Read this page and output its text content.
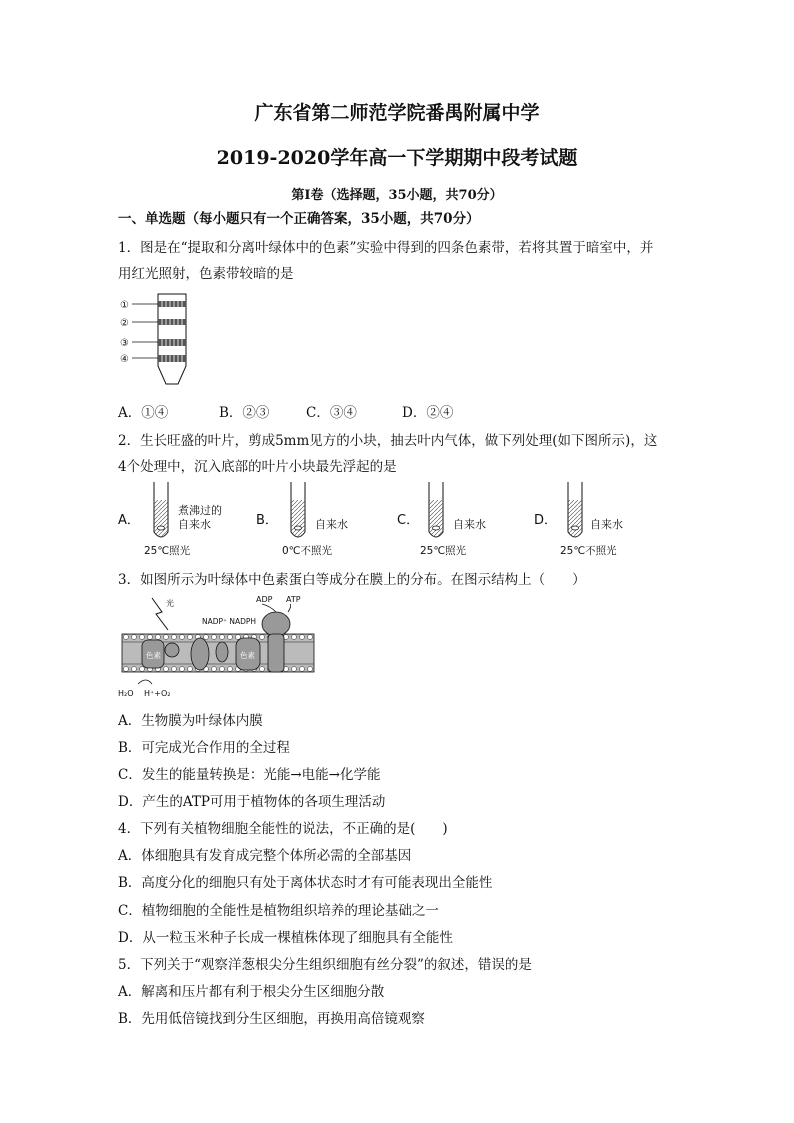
广东省第二师范学院番禺附属中学
2019-2020学年高一下学期期中段考试题
第I卷（选择题，35小题，共70分）
一、单选题（每小题只有一个正确答案，35小题，共70分）
1．图是在“提取和分离叶绿体中的色素”实验中得到的四条色素带，若将其置于暗室中，并
用红光照射，色素带较暗的是
①
②
③
④
A．①④	B．②③	C．③④	D．②④
2．生长旺盛的叶片，剪成5mm见方的小块，抽去叶内气体，做下列处理(如下图所示)，这
4个处理中，沉入底部的叶片小块最先浮起的是
A．
煮沸过的
自来水
25℃照光
B．	自来水
0℃不照光
C．	自来水
25℃照光
D．	自来水
25℃不照光
3．如图所示为叶绿体中色素蛋白等成分在膜上的分布。在图示结构上（　　）
光	ADP ATP
NADP⁺ NADPH
H₂O H⁺+O₂
色素	色素
A．生物膜为叶绿体内膜
B．可完成光合作用的全过程
C．发生的能量转换是：光能→电能→化学能
D．产生的ATP可用于植物体的各项生理活动
4．下列有关植物细胞全能性的说法，不正确的是(　　)
A．体细胞具有发育成完整个体所必需的全部基因
B．高度分化的细胞只有处于离体状态时才有可能表现出全能性
C．植物细胞的全能性是植物组织培养的理论基础之一
D．从一粒玉米种子长成一棵植株体现了细胞具有全能性
5．下列关于“观察洋葱根尖分生组织细胞有丝分裂”的叙述，错误的是
A．解离和压片都有利于根尖分生区细胞分散
B．先用低倍镜找到分生区细胞，再换用高倍镜观察
